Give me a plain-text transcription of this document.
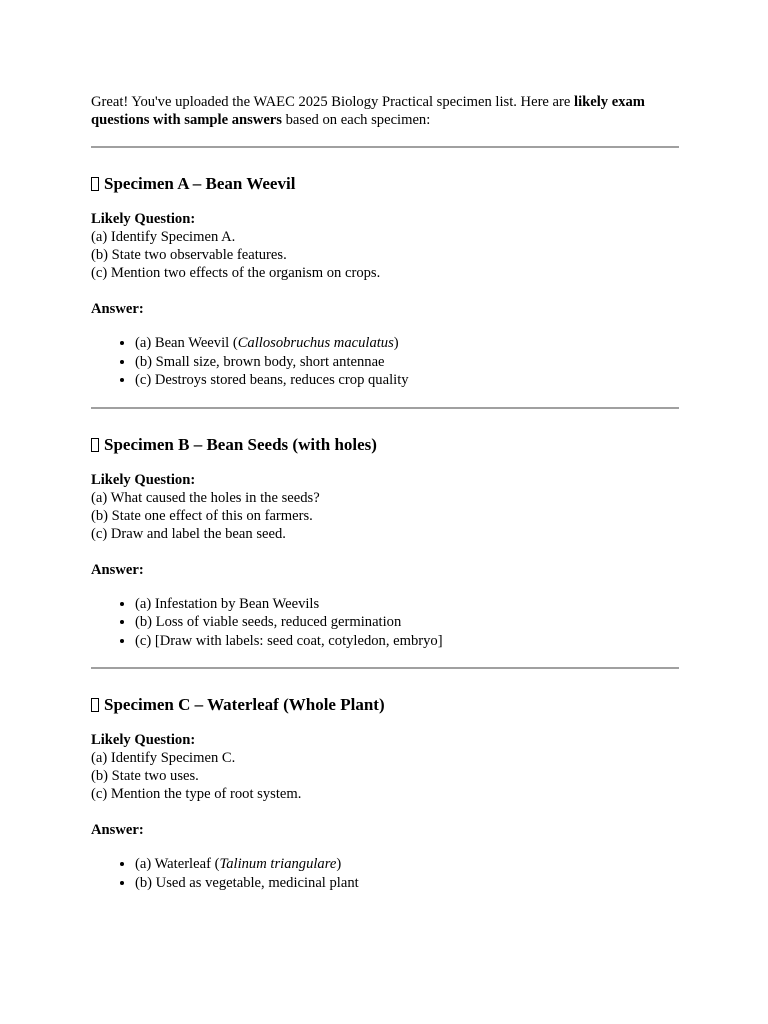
Great! You've uploaded the WAEC 2025 Biology Practical specimen list. Here are likely exam questions with sample answers based on each specimen:

Specimen A – Bean Weevil
Likely Question:
(a) Identify Specimen A.
(b) State two observable features.
(c) Mention two effects of the organism on crops.
Answer:
• (a) Bean Weevil (Callosobruchus maculatus)
• (b) Small size, brown body, short antennae
• (c) Destroys stored beans, reduces crop quality
Specimen B – Bean Seeds (with holes)
Likely Question:
(a) What caused the holes in the seeds?
(b) State one effect of this on farmers.
(c) Draw and label the bean seed.
Answer:
• (a) Infestation by Bean Weevils
• (b) Loss of viable seeds, reduced germination
• (c) [Draw with labels: seed coat, cotyledon, embryo]
Specimen C – Waterleaf (Whole Plant)
Likely Question:
(a) Identify Specimen C.
(b) State two uses.
(c) Mention the type of root system.
Answer:
• (a) Waterleaf (Talinum triangulare)
• (b) Used as vegetable, medicinal plant
